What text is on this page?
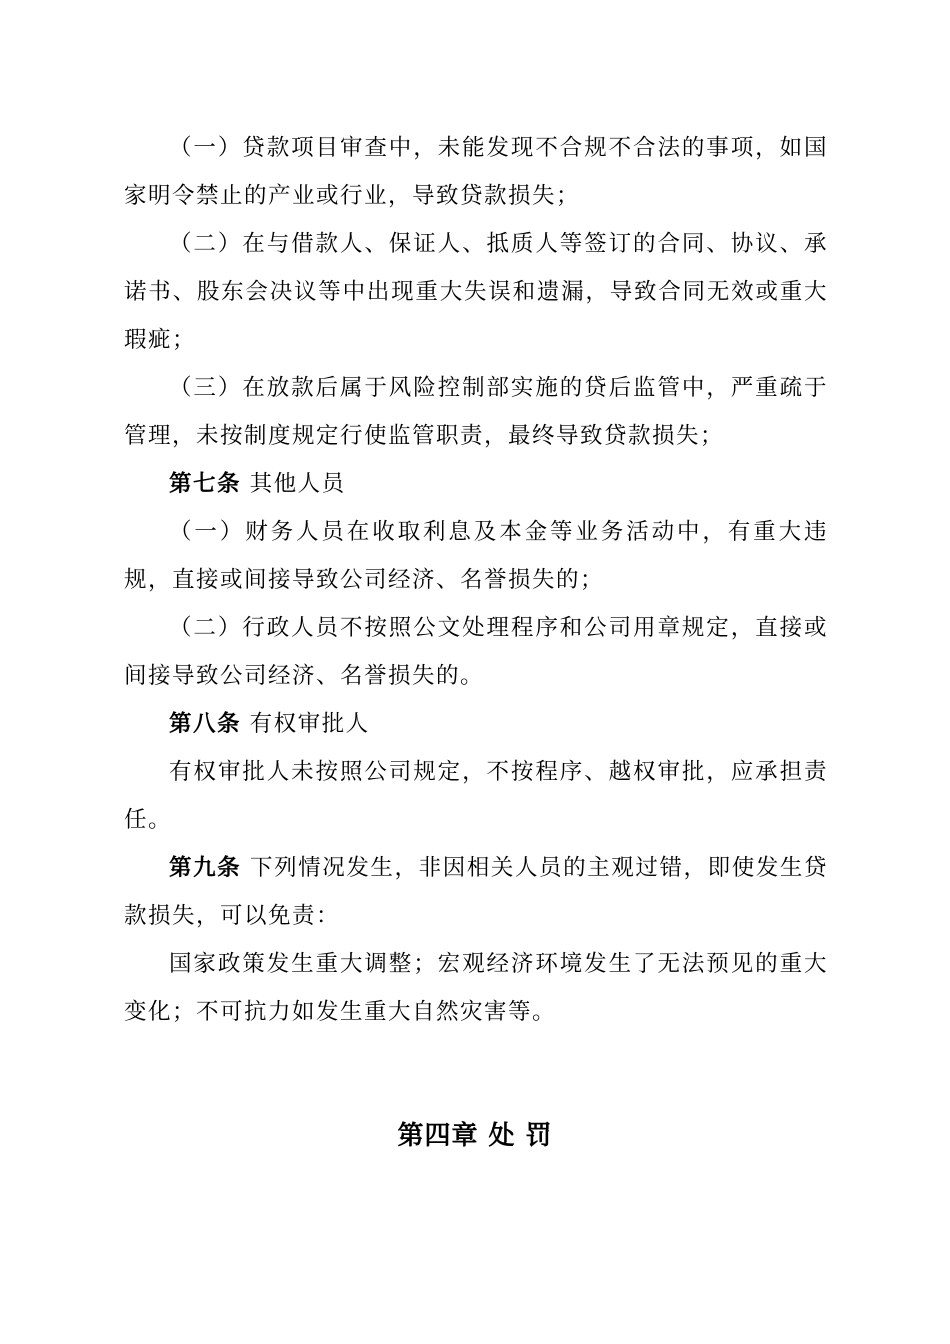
（一）贷款项目审查中，未能发现不合规不合法的事项，如国家明令禁止的产业或行业，导致贷款损失；

（二）在与借款人、保证人、抵质人等签订的合同、协议、承诺书、股东会决议等中出现重大失误和遗漏，导致合同无效或重大瑕疵；

（三）在放款后属于风险控制部实施的贷后监管中，严重疏于管理，未按制度规定行使监管职责，最终导致贷款损失；

第七条 其他人员

（一）财务人员在收取利息及本金等业务活动中，有重大违规，直接或间接导致公司经济、名誉损失的；

（二）行政人员不按照公文处理程序和公司用章规定，直接或间接导致公司经济、名誉损失的。

第八条 有权审批人

有权审批人未按照公司规定，不按程序、越权审批，应承担责任。

第九条 下列情况发生，非因相关人员的主观过错，即使发生贷款损失，可以免责：

国家政策发生重大调整；宏观经济环境发生了无法预见的重大变化；不可抗力如发生重大自然灾害等。

第四章 处 罚
